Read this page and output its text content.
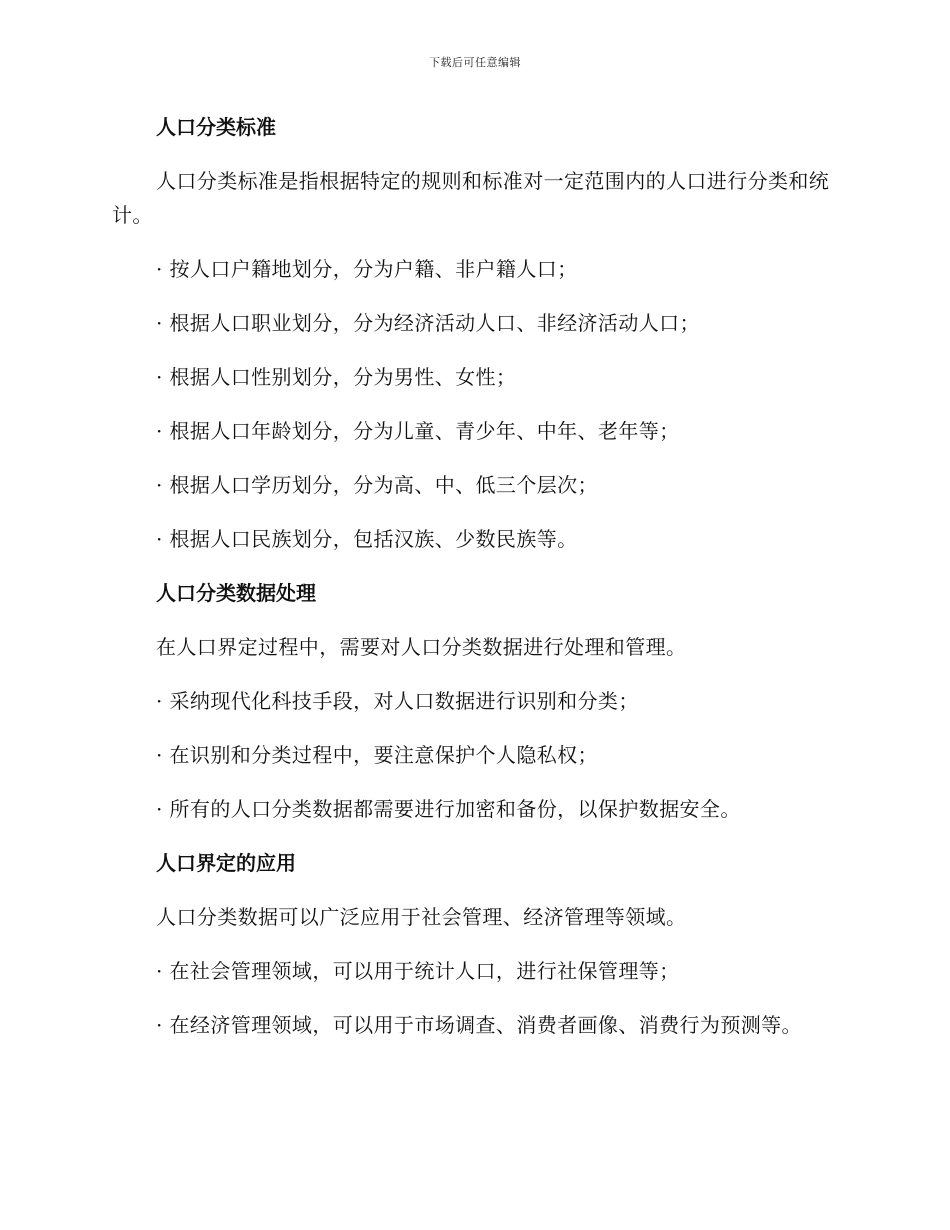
下载后可任意编辑
人口分类标准

人口分类标准是指根据特定的规则和标准对一定范围内的人口进行分类和统计。

· 按人口户籍地划分，分为户籍、非户籍人口；

· 根据人口职业划分，分为经济活动人口、非经济活动人口；

· 根据人口性别划分，分为男性、女性；

· 根据人口年龄划分，分为儿童、青少年、中年、老年等；

· 根据人口学历划分，分为高、中、低三个层次；

· 根据人口民族划分，包括汉族、少数民族等。

人口分类数据处理

在人口界定过程中，需要对人口分类数据进行处理和管理。

· 采纳现代化科技手段，对人口数据进行识别和分类；

· 在识别和分类过程中，要注意保护个人隐私权；

· 所有的人口分类数据都需要进行加密和备份，以保护数据安全。

人口界定的应用

人口分类数据可以广泛应用于社会管理、经济管理等领域。

· 在社会管理领域，可以用于统计人口，进行社保管理等；

· 在经济管理领域，可以用于市场调查、消费者画像、消费行为预测等。
